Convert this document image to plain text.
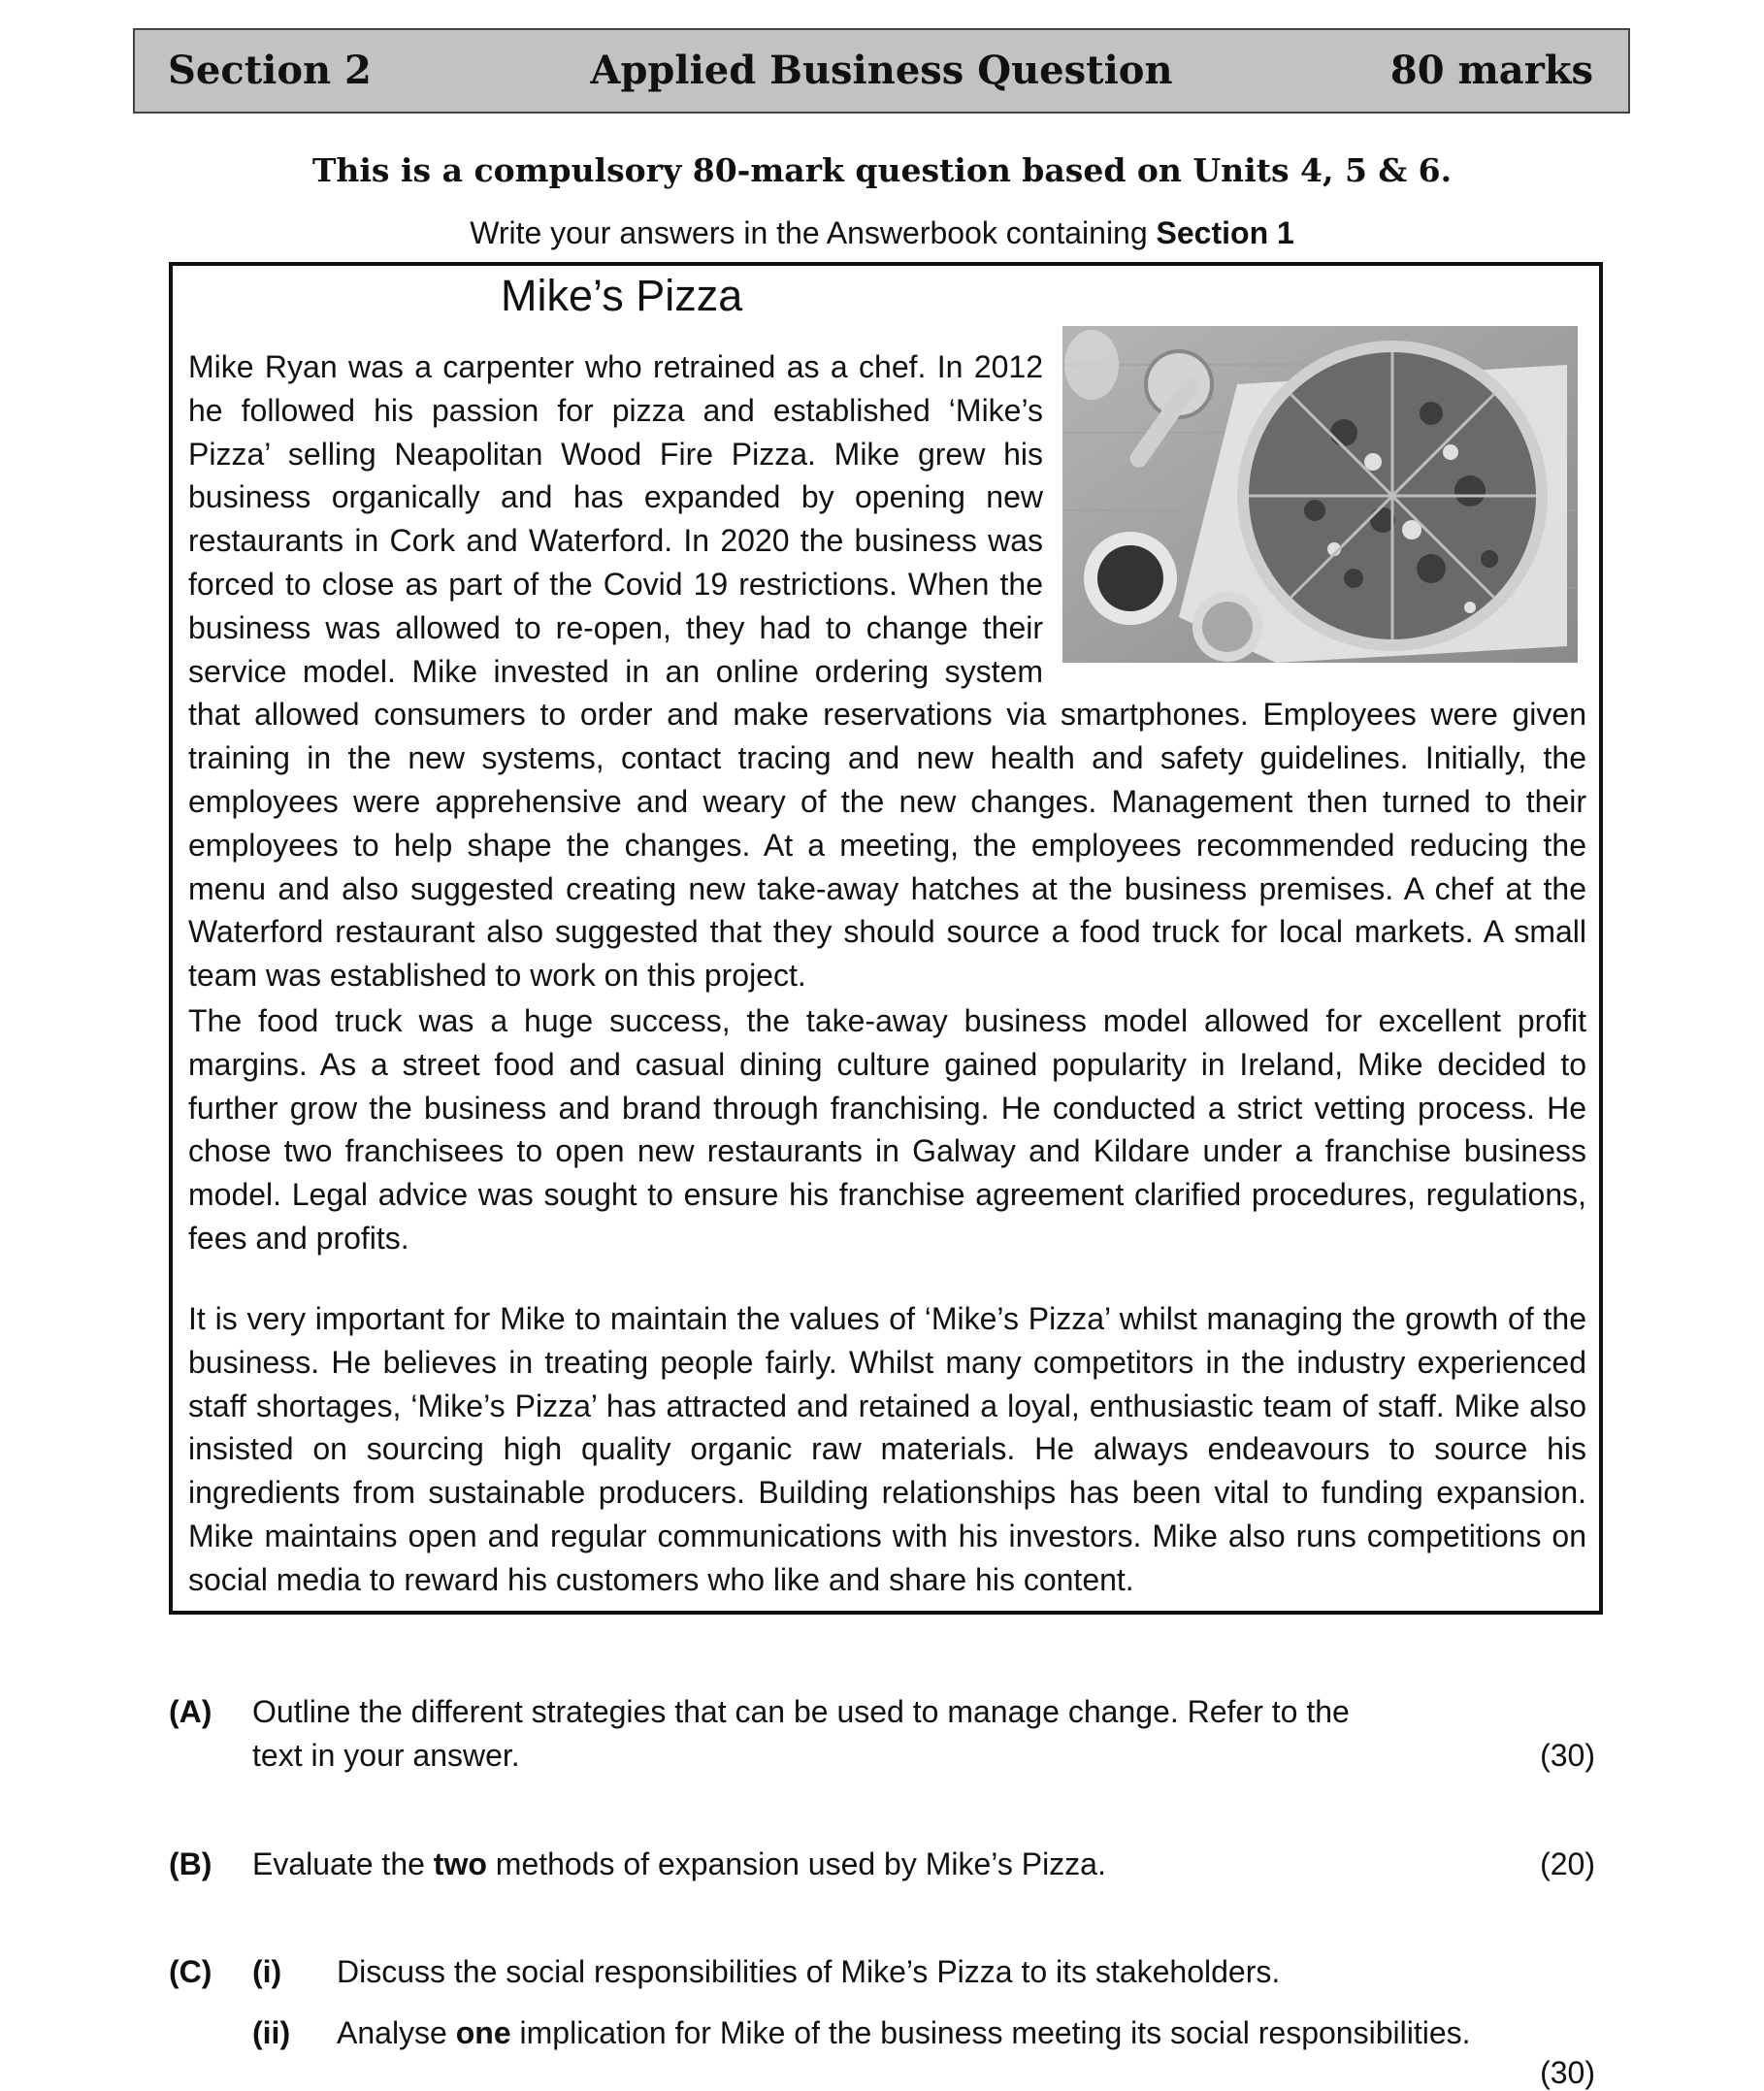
Section 2	Applied Business Question	80 marks
This is a compulsory 80-mark question based on Units 4, 5 & 6.
Write your answers in the Answerbook containing Section 1
Mike’s Pizza

Mike Ryan was a carpenter who retrained as a chef. In 2012 he followed his passion for pizza and established ‘Mike’s Pizza’ selling Neapolitan Wood Fire Pizza. Mike grew his business organically and has expanded by opening new restaurants in Cork and Waterford. In 2020 the business was forced to close as part of the Covid 19 restrictions. When the business was allowed to re-open, they had to change their service model. Mike invested in an online ordering system that allowed consumers to order and make reservations via smartphones. Employees were given training in the new systems, contact tracing and new health and safety guidelines. Initially, the employees were apprehensive and weary of the new changes. Management then turned to their employees to help shape the changes. At a meeting, the employees recommended reducing the menu and also suggested creating new take-away hatches at the business premises. A chef at the Waterford restaurant also suggested that they should source a food truck for local markets. A small team was established to work on this project.

The food truck was a huge success, the take-away business model allowed for excellent profit margins. As a street food and casual dining culture gained popularity in Ireland, Mike decided to further grow the business and brand through franchising. He conducted a strict vetting process. He chose two franchisees to open new restaurants in Galway and Kildare under a franchise business model. Legal advice was sought to ensure his franchise agreement clarified procedures, regulations, fees and profits.

It is very important for Mike to maintain the values of ‘Mike’s Pizza’ whilst managing the growth of the business. He believes in treating people fairly. Whilst many competitors in the industry experienced staff shortages, ‘Mike’s Pizza’ has attracted and retained a loyal, enthusiastic team of staff. Mike also insisted on sourcing high quality organic raw materials. He always endeavours to source his ingredients from sustainable producers. Building relationships has been vital to funding expansion. Mike maintains open and regular communications with his investors. Mike also runs competitions on social media to reward his customers who like and share his content.

(A) Outline the different strategies that can be used to manage change. Refer to the
text in your answer.	(30)
(B) Evaluate the two methods of expansion used by Mike’s Pizza.	(20)
(C) (i) Discuss the social responsibilities of Mike’s Pizza to its stakeholders.
(ii) Analyse one implication for Mike of the business meeting its social responsibilities.
(30)
